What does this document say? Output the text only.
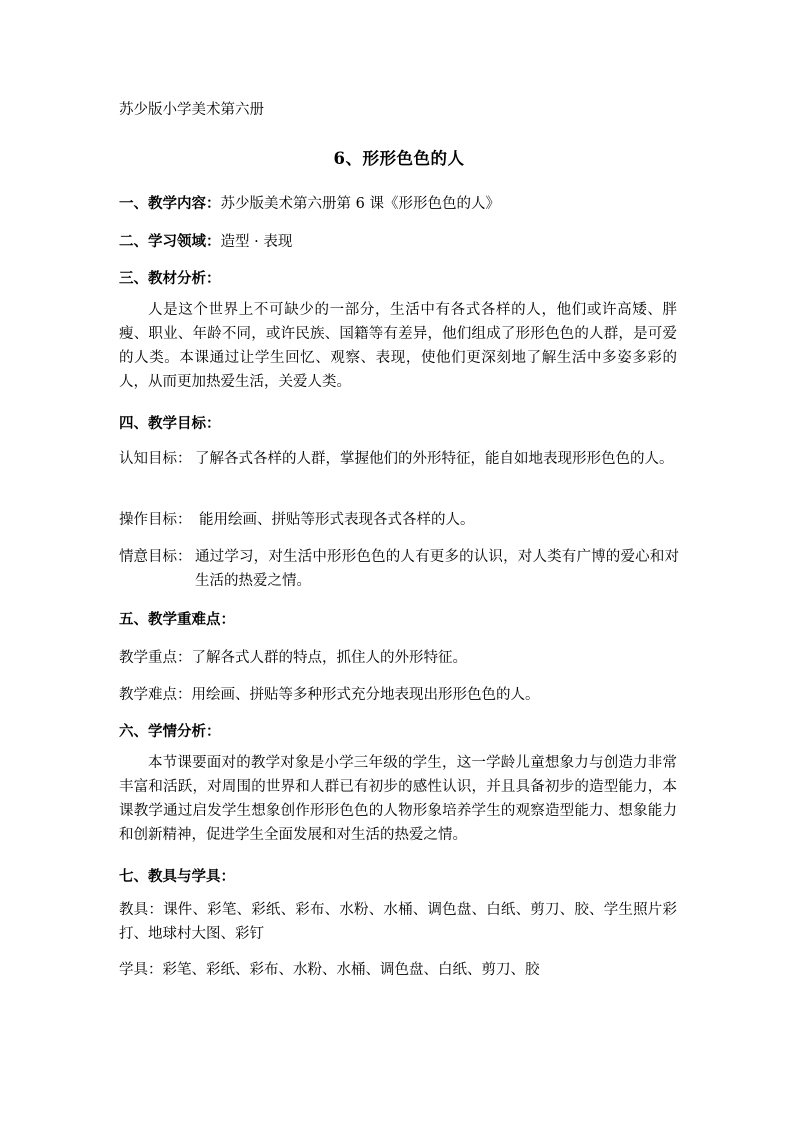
苏少版小学美术第六册
6、形形色色的人
一、教学内容：苏少版美术第六册第 6 课《形形色色的人》
二、学习领域：造型 · 表现
三、教材分析：
人是这个世界上不可缺少的一部分，生活中有各式各样的人，他们或许高矮、胖瘦、职业、年龄不同，或许民族、国籍等有差异，他们组成了形形色色的人群，是可爱的人类。本课通过让学生回忆、观察、表现，使他们更深刻地了解生活中多姿多彩的人，从而更加热爱生活，关爱人类。
四、教学目标：
认知目标： 了解各式各样的人群，掌握他们的外形特征，能自如地表现形形色色的人。
操作目标： 能用绘画、拼贴等形式表现各式各样的人。
情意目标： 通过学习，对生活中形形色色的人有更多的认识，对人类有广博的爱心和对生活的热爱之情。
五、教学重难点：
教学重点：了解各式人群的特点，抓住人的外形特征。
教学难点：用绘画、拼贴等多种形式充分地表现出形形色色的人。
六、学情分析：
本节课要面对的教学对象是小学三年级的学生，这一学龄儿童想象力与创造力非常丰富和活跃，对周围的世界和人群已有初步的感性认识，并且具备初步的造型能力，本课教学通过启发学生想象创作形形色色的人物形象培养学生的观察造型能力、想象能力和创新精神，促进学生全面发展和对生活的热爱之情。
七、教具与学具：
教具：课件、彩笔、彩纸、彩布、水粉、水桶、调色盘、白纸、剪刀、胶、学生照片彩打、地球村大图、彩钉
学具：彩笔、彩纸、彩布、水粉、水桶、调色盘、白纸、剪刀、胶
